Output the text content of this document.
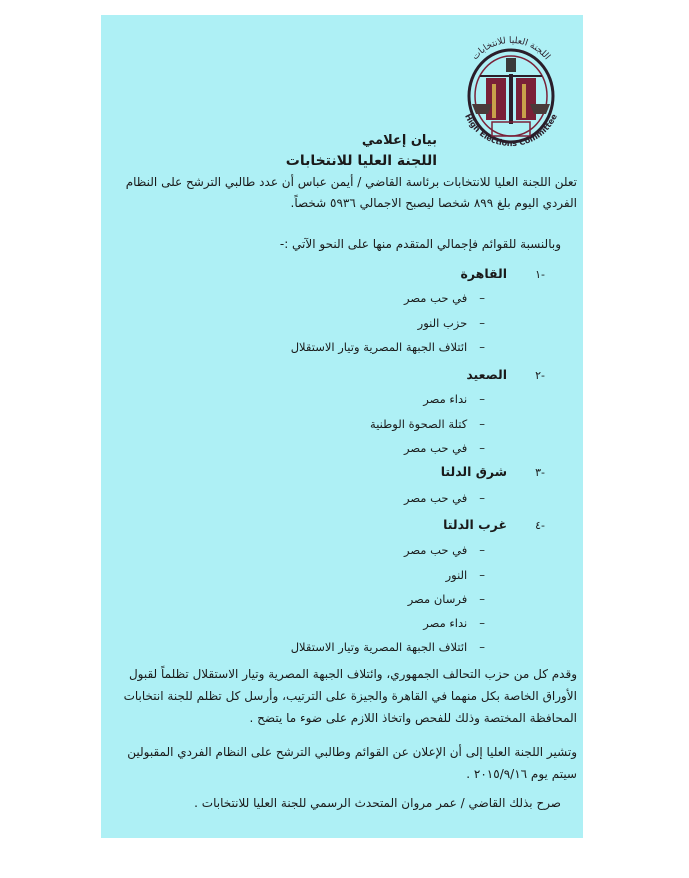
اللجنة العليا للانتخابات
High Elections Committee
بيان إعلامي
اللجنة العليا للانتخابات
تعلن اللجنة العليا للانتخابات برئاسة القاضي / أيمن عباس أن عدد طالبي الترشح على النظام
الفردي اليوم بلغ ٨٩٩ شخصا ليصبح الاجمالي ٥٩٣٦ شخصاً.
وبالنسبة للقوائم فإجمالي المتقدم منها على النحو الآتي :-
-١
القاهرة
–في حب مصر
–حزب النور
–ائتلاف الجبهة المصرية وتيار الاستقلال
-٢
الصعيد
–نداء مصر
–كتلة الصحوة الوطنية
–في حب مصر
-٣
شرق الدلتا
–في حب مصر
-٤
غرب الدلتا
–في حب مصر
–النور
–فرسان مصر
–نداء مصر
–ائتلاف الجبهة المصرية وتيار الاستقلال
وقدم كل من حزب التحالف الجمهوري، وائتلاف الجبهة المصرية وتيار الاستقلال تظلماً لقبول
الأوراق الخاصة بكل منهما في القاهرة والجيزة على الترتيب، وأرسل كل تظلم للجنة انتخابات
المحافظة المختصة وذلك للفحص واتخاذ اللازم على ضوء ما يتضح .
وتشير اللجنة العليا إلى أن الإعلان عن القوائم وطالبي الترشح على النظام الفردي المقبولين
سيتم يوم ٢٠١٥/٩/١٦ .
صرح بذلك القاضي / عمر مروان المتحدث الرسمي للجنة العليا للانتخابات .
